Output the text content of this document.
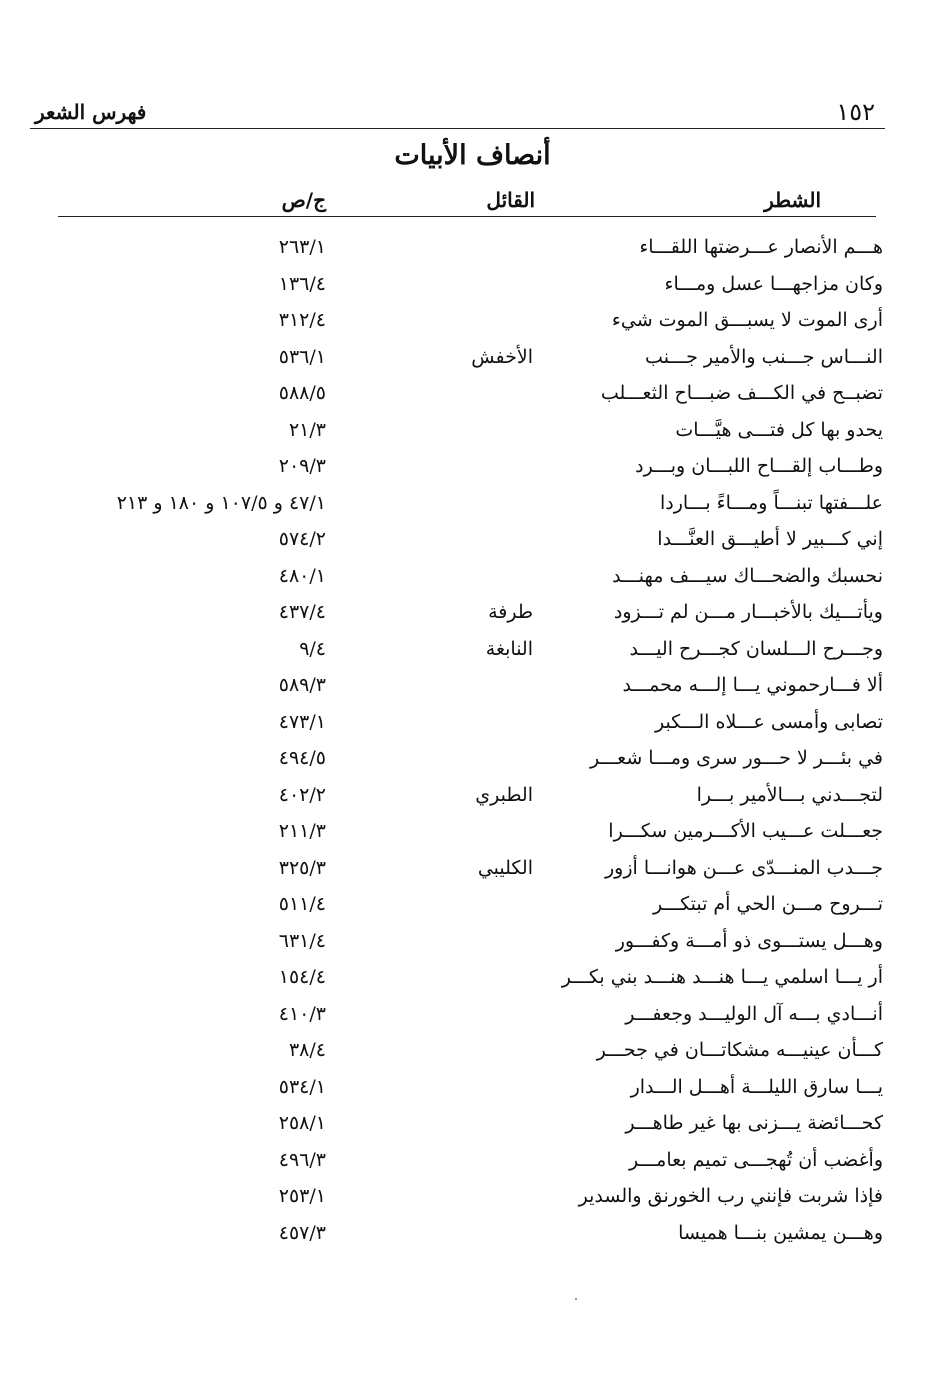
١٥٢
فهرس الشعر
أنصاف الأبيات
الشطر
القائل
ج/ص
هـــم الأنصار عـــرضتها اللقـــاء
٢٦٣/١
وكان مزاجهـــا عسل ومـــاء
١٣٦/٤
أرى الموت لا يسبـــق الموت شيء
٣١٢/٤
النـــاس جـــنب والأمير جـــنب
الأخفش
٥٣٦/١
تضبــح في الكـــف ضبـــاح الثعـــلب
٥٨٨/٥
يحدو بها كل فتـــى هيَّـــات
٢١/٣
وطـــاب إلقـــاح اللبـــان وبـــرد
٢٠٩/٣
علـــفتها تبنـــاً ومـــاءً بـــاردا
٤٧/١ و ١٠٧/٥ و ١٨٠ و ٢١٣
إني كـــبير لا أطيـــق العنَّـــدا
٥٧٤/٢
نحسبك والضحـــاك سيـــف مهنـــد
٤٨٠/١
ويأتـــيك بالأخبـــار مـــن لم تـــزود
طرفة
٤٣٧/٤
وجـــرح الـــلسان كجـــرح اليـــد
النابغة
٩/٤
ألا فـــارحموني يـــا إلـــه محمـــد
٥٨٩/٣
تصابى وأمسى عـــلاه الـــكبر
٤٧٣/١
في بئـــر لا حـــور سرى ومـــا شعـــر
٤٩٤/٥
لتجـــدني بـــالأمير بـــرا
الطبري
٤٠٢/٢
جعـــلت عـــيب الأكـــرمين سكـــرا
٢١١/٣
جـــدب المنـــدّى عـــن هوانـــا أزور
الكليبي
٣٢٥/٣
تـــروح مـــن الحي أم تبتكـــر
٥١١/٤
وهـــل يستـــوى ذو أمـــة وكفـــور
٦٣١/٤
أر يـــا اسلمي يـــا هنـــد هنـــد بني بكـــر
١٥٤/٤
أنـــادي بـــه آل الوليـــد وجعفـــر
٤١٠/٣
كـــأن عينيـــه مشكاتـــان في جحـــر
٣٨/٤
يـــا سارق الليلـــة أهـــل الـــدار
٥٣٤/١
كحـــائضة يـــزنى بها غير طاهـــر
٢٥٨/١
وأغضب أن تُهجـــى تميم بعامـــر
٤٩٦/٣
فإذا شربت فإنني رب الخورنق والسدير
٢٥٣/١
وهـــن يمشين بنـــا هميسا
٤٥٧/٣
